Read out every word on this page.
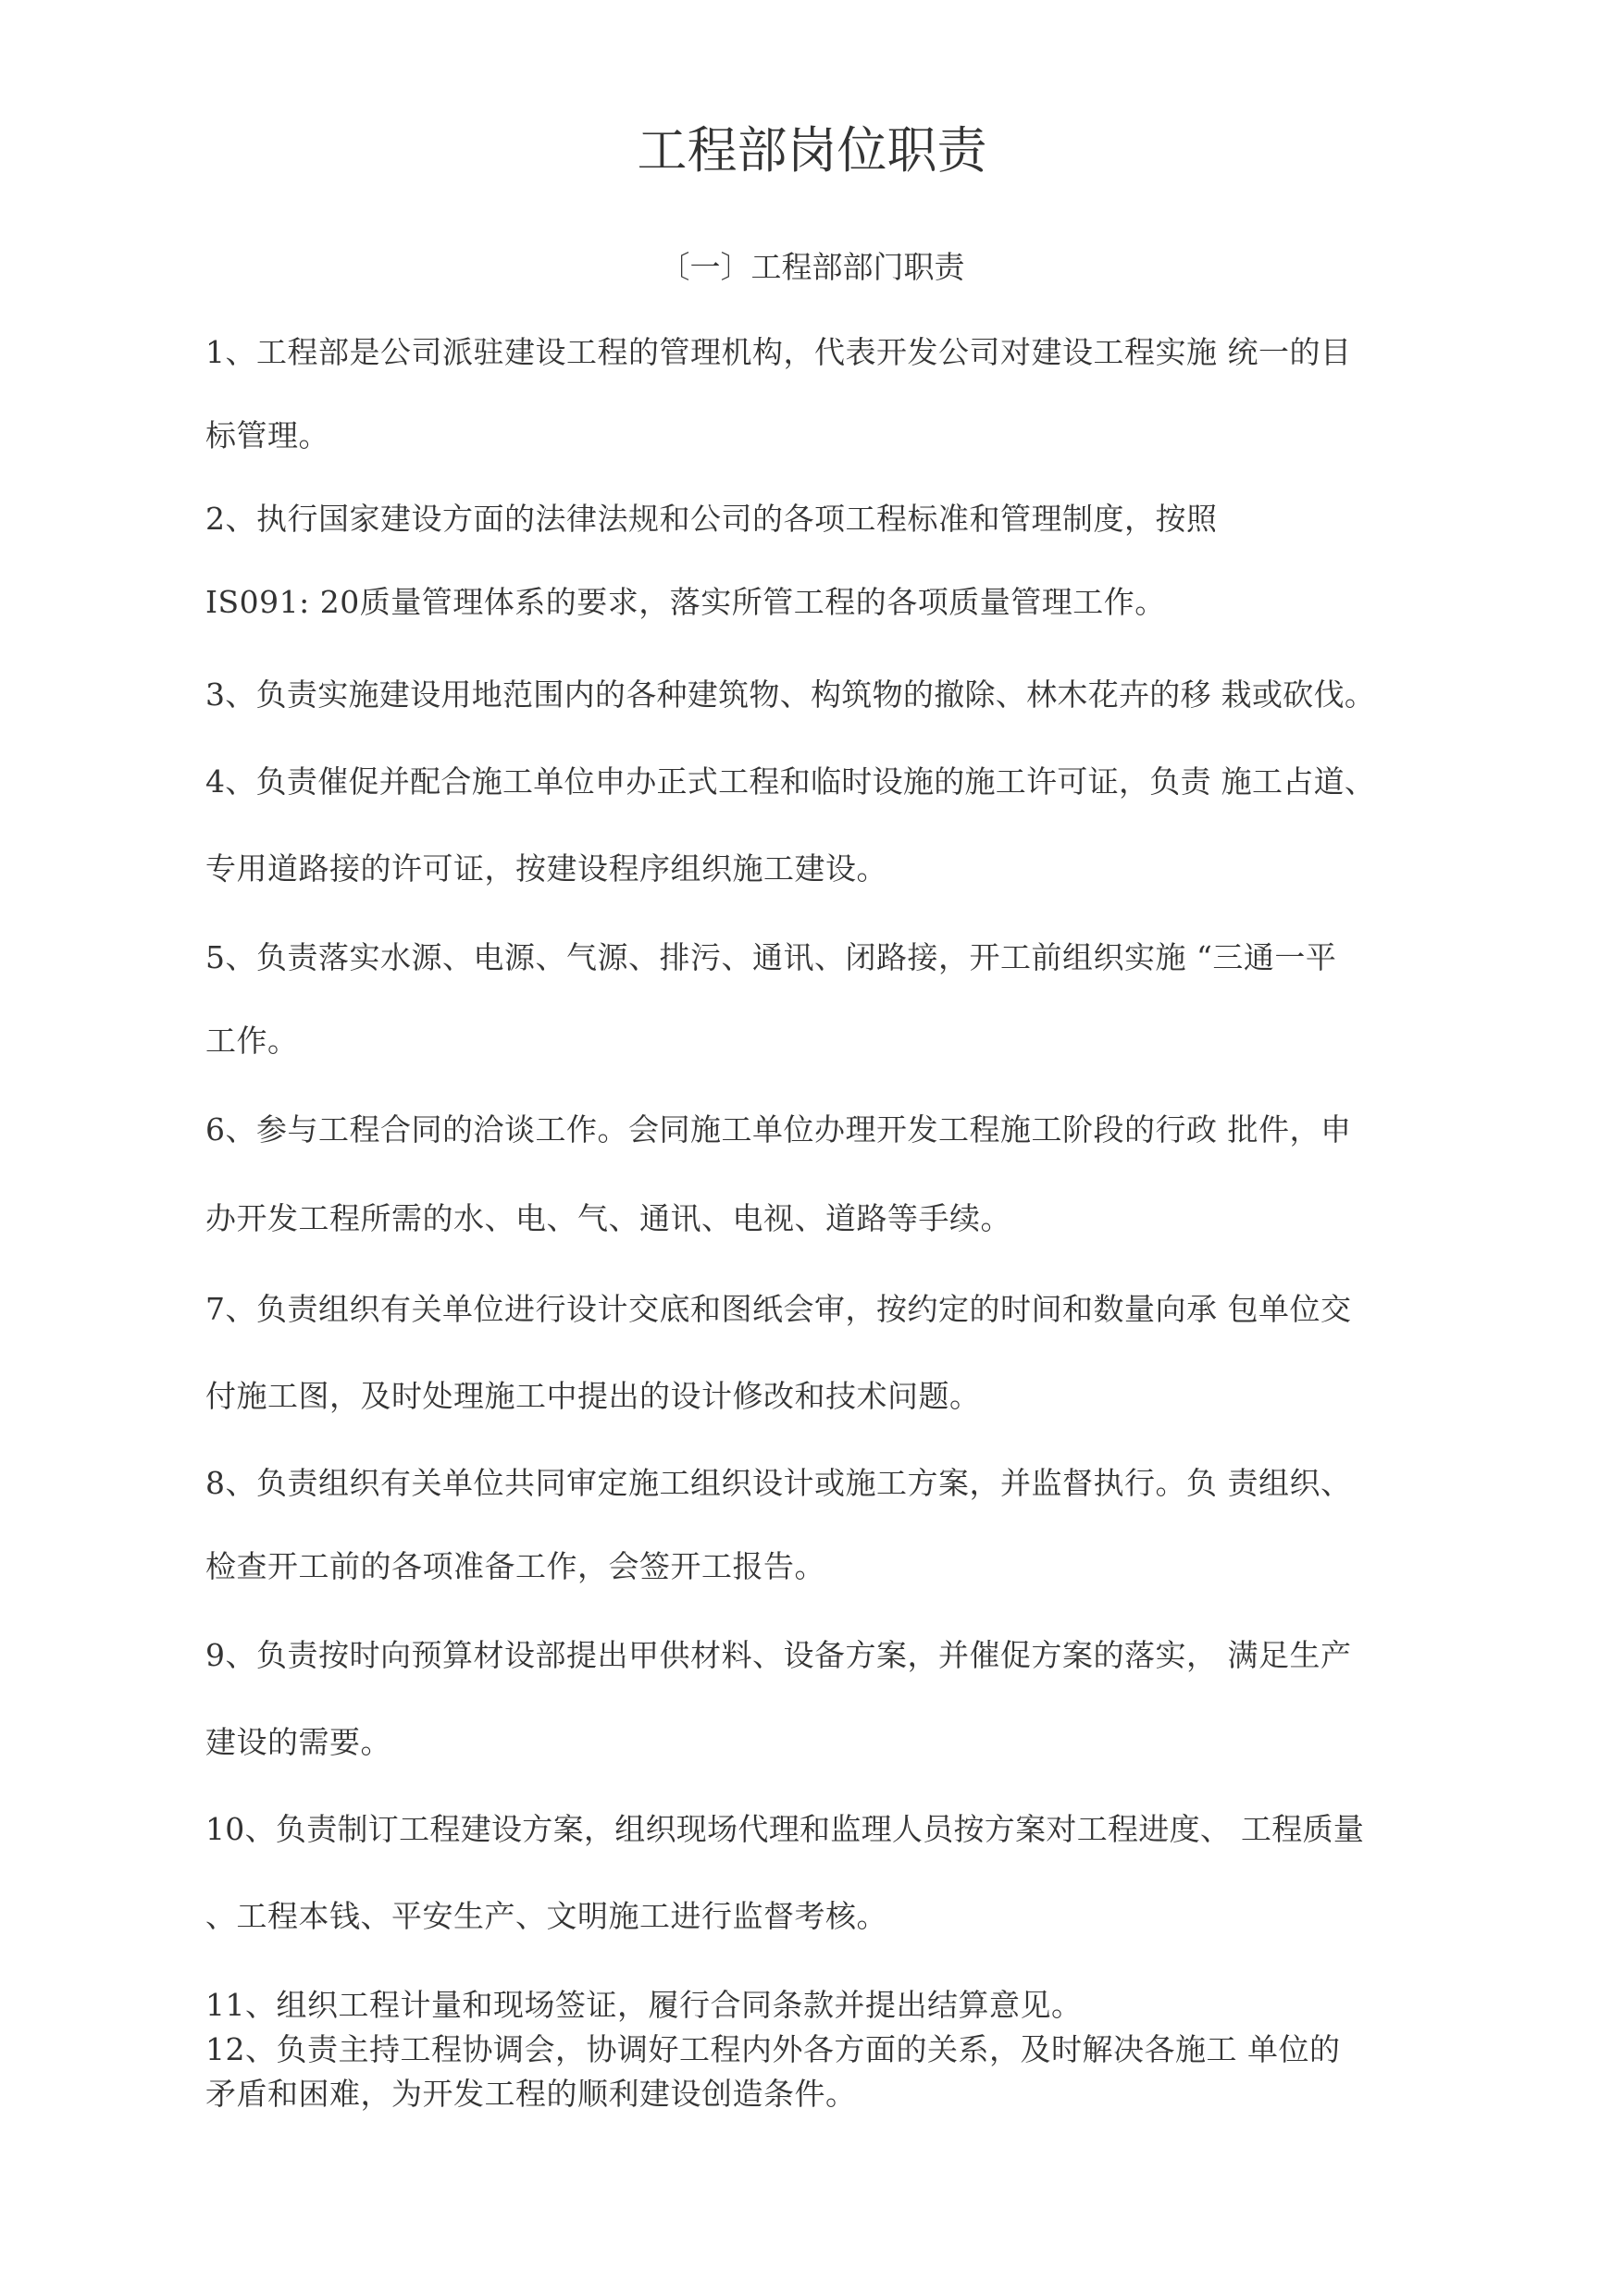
工程部岗位职责
〔一〕工程部部门职责
1、工程部是公司派驻建设工程的管理机构，代表开发公司对建设工程实施 统一的目
标管理。
2、执行国家建设方面的法律法规和公司的各项工程标准和管理制度，按照
IS091: 20质量管理体系的要求，落实所管工程的各项质量管理工作。
3、负责实施建设用地范围内的各种建筑物、构筑物的撤除、林木花卉的移 栽或砍伐。
4、负责催促并配合施工单位申办正式工程和临时设施的施工许可证，负责 施工占道、
专用道路接的许可证，按建设程序组织施工建设。
5、负责落实水源、电源、气源、排污、通讯、闭路接，开工前组织实施 “三通一平
工作。
6、参与工程合同的洽谈工作。会同施工单位办理开发工程施工阶段的行政 批件，申
办开发工程所需的水、电、气、通讯、电视、道路等手续。
7、负责组织有关单位进行设计交底和图纸会审，按约定的时间和数量向承 包单位交
付施工图，及时处理施工中提出的设计修改和技术问题。
8、负责组织有关单位共同审定施工组织设计或施工方案，并监督执行。负 责组织、
检查开工前的各项准备工作，会签开工报告。
9、负责按时向预算材设部提出甲供材料、设备方案，并催促方案的落实， 满足生产
建设的需要。
10、负责制订工程建设方案，组织现场代理和监理人员按方案对工程进度、 工程质量
、工程本钱、平安生产、文明施工进行监督考核。
11、组织工程计量和现场签证，履行合同条款并提出结算意见。
12、负责主持工程协调会，协调好工程内外各方面的关系，及时解决各施工 单位的
矛盾和困难，为开发工程的顺利建设创造条件。
